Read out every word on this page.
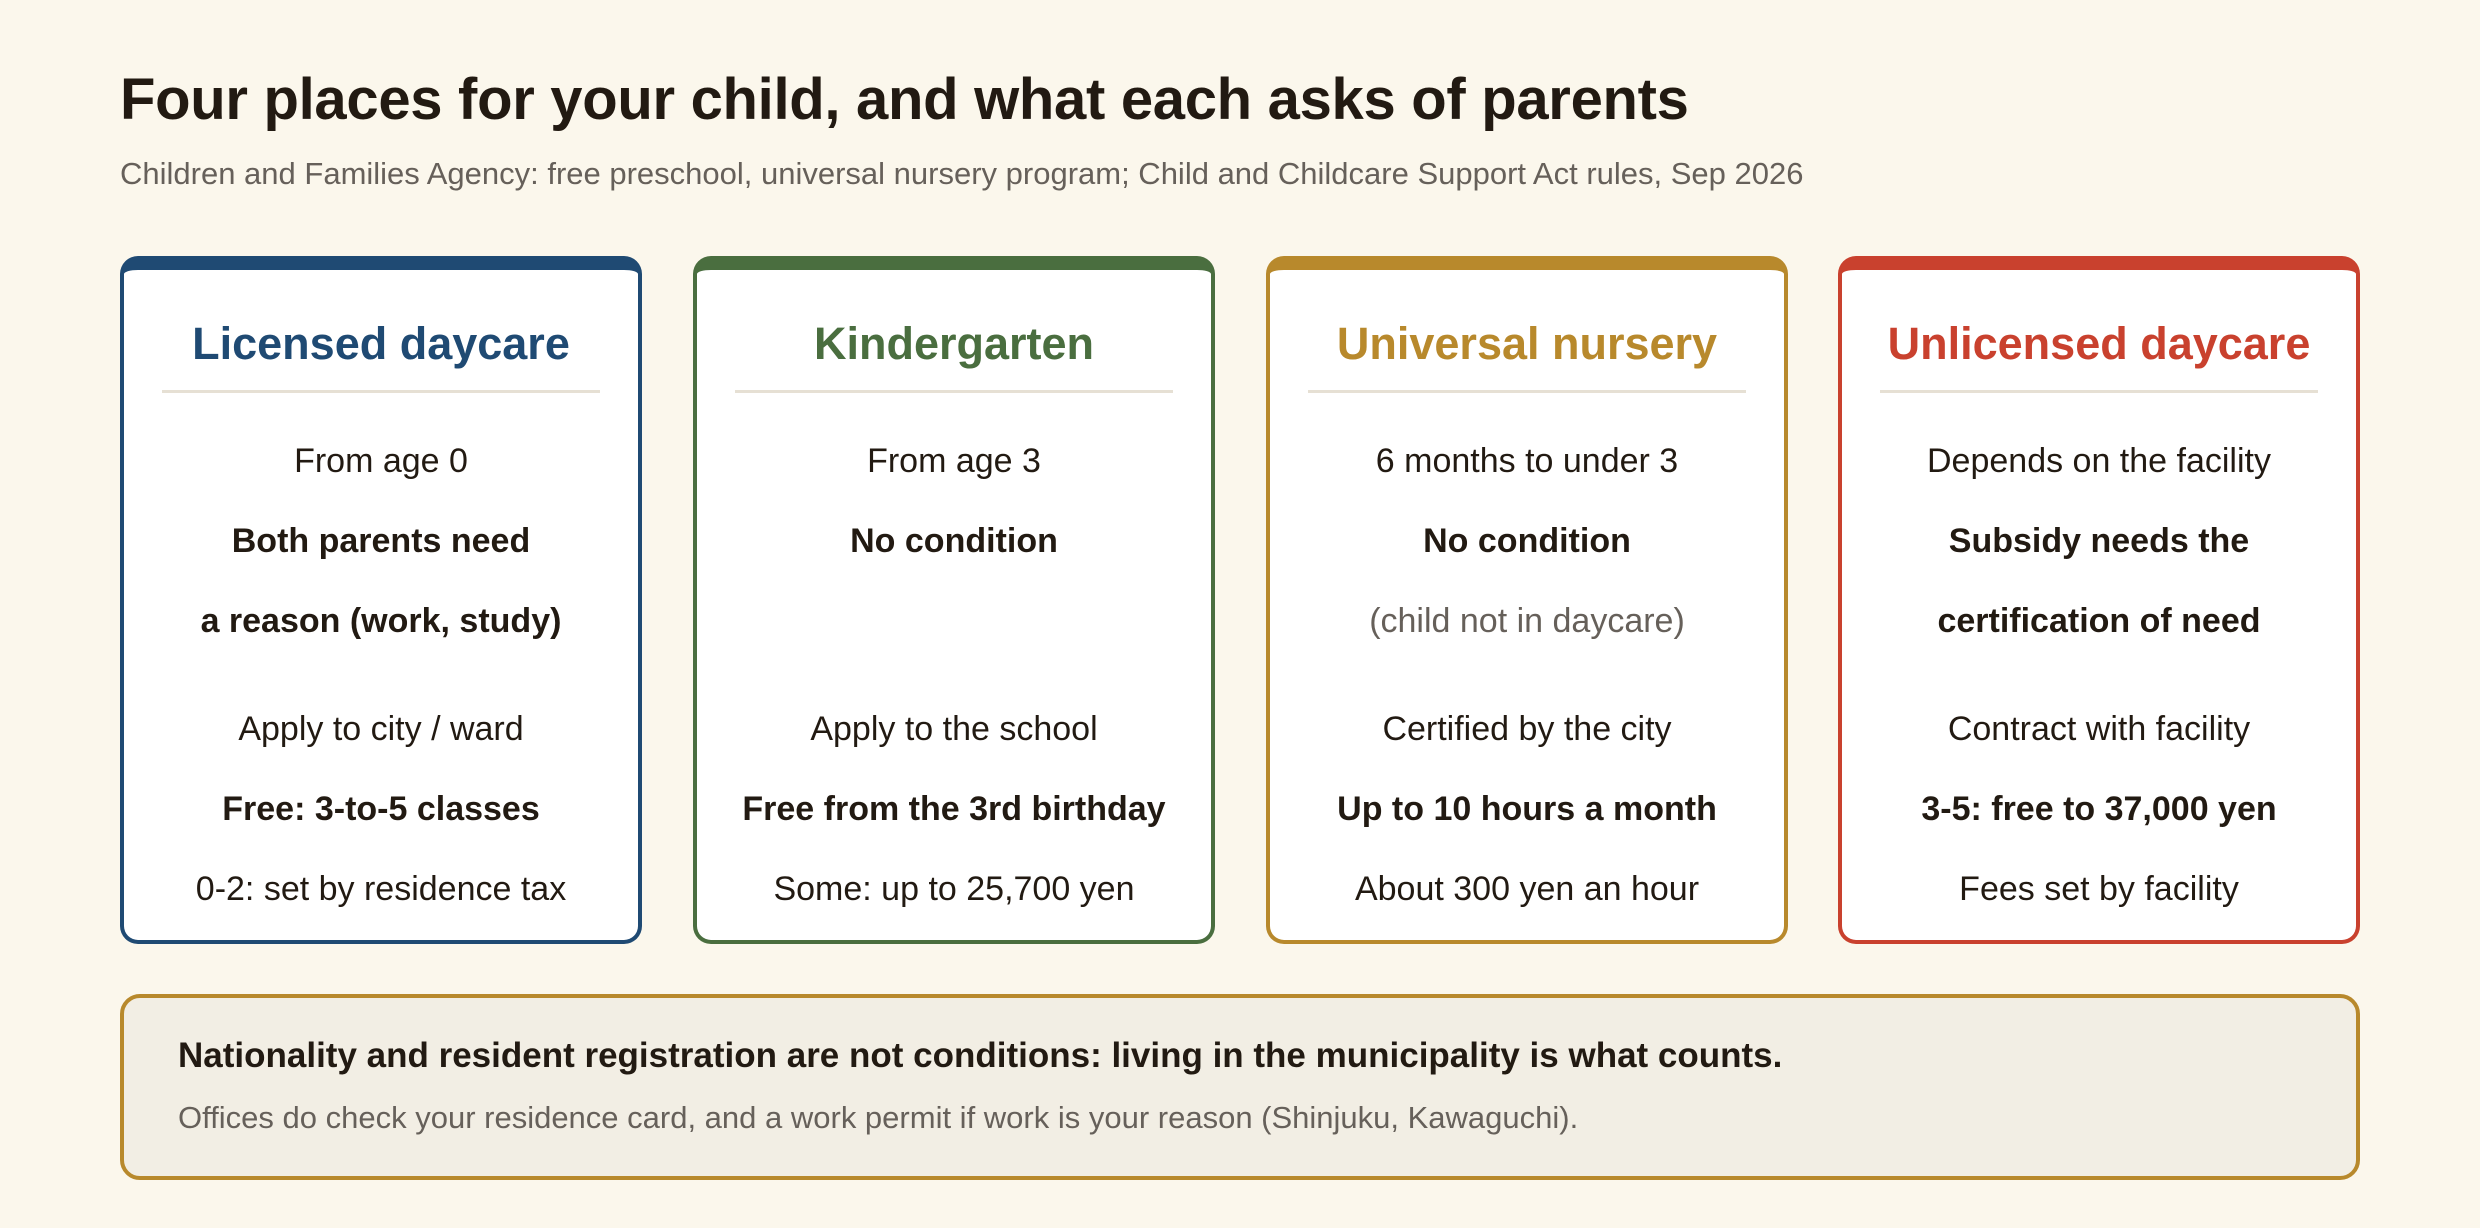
Four places for your child, and what each asks of parents
Children and Families Agency: free preschool, universal nursery program; Child and Childcare Support Act rules, Sep 2026
Licensed daycare
From age 0
Both parents need
a reason (work, study)
Apply to city / ward
Free: 3-to-5 classes
0-2: set by residence tax
Kindergarten
From age 3
No condition
Apply to the school
Free from the 3rd birthday
Some: up to 25,700 yen
Universal nursery
6 months to under 3
No condition
(child not in daycare)
Certified by the city
Up to 10 hours a month
About 300 yen an hour
Unlicensed daycare
Depends on the facility
Subsidy needs the
certification of need
Contract with facility
3-5: free to 37,000 yen
Fees set by facility
Nationality and resident registration are not conditions: living in the municipality is what counts.
Offices do check your residence card, and a work permit if work is your reason (Shinjuku, Kawaguchi).
